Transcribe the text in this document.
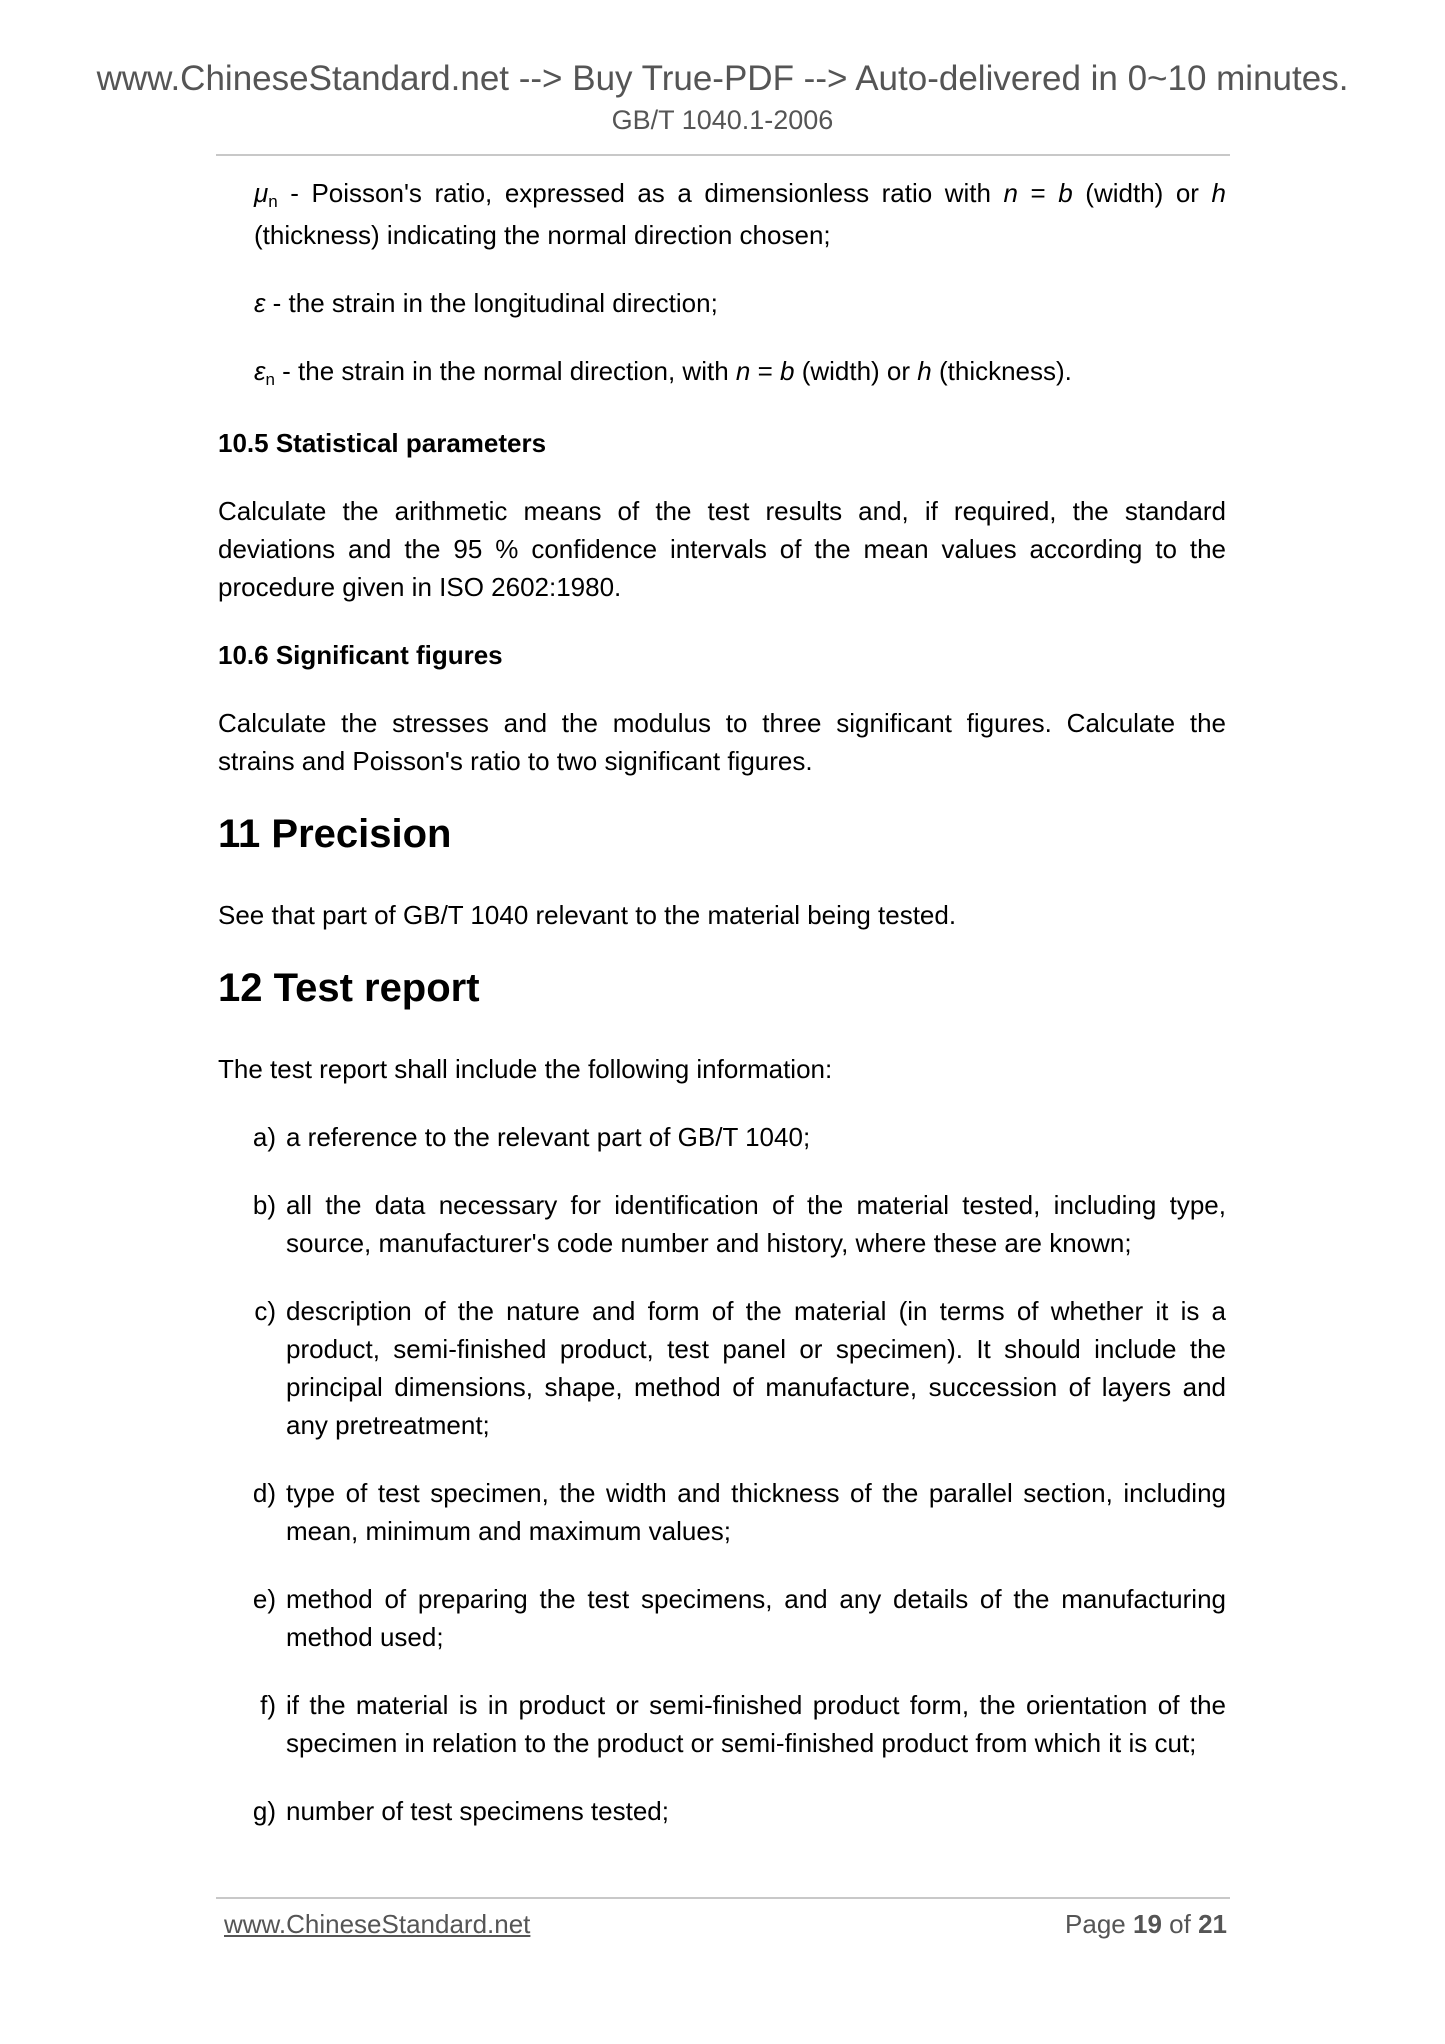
www.ChineseStandard.net --> Buy True-PDF --> Auto-delivered in 0~10 minutes.
GB/T 1040.1-2006

μn - Poisson's ratio, expressed as a dimensionless ratio with n = b (width) or h (thickness) indicating the normal direction chosen;

ε - the strain in the longitudinal direction;

εn - the strain in the normal direction, with n = b (width) or h (thickness).

10.5 Statistical parameters

Calculate the arithmetic means of the test results and, if required, the standard deviations and the 95 % confidence intervals of the mean values according to the procedure given in ISO 2602:1980.

10.6 Significant figures

Calculate the stresses and the modulus to three significant figures. Calculate the strains and Poisson's ratio to two significant figures.

11 Precision

See that part of GB/T 1040 relevant to the material being tested.

12 Test report

The test report shall include the following information:

a) a reference to the relevant part of GB/T 1040;
b) all the data necessary for identification of the material tested, including type, source, manufacturer's code number and history, where these are known;
c) description of the nature and form of the material (in terms of whether it is a product, semi-finished product, test panel or specimen). It should include the principal dimensions, shape, method of manufacture, succession of layers and any pretreatment;
d) type of test specimen, the width and thickness of the parallel section, including mean, minimum and maximum values;
e) method of preparing the test specimens, and any details of the manufacturing method used;
f) if the material is in product or semi-finished product form, the orientation of the specimen in relation to the product or semi-finished product from which it is cut;
g) number of test specimens tested;
www.ChineseStandard.net	Page 19 of 21
